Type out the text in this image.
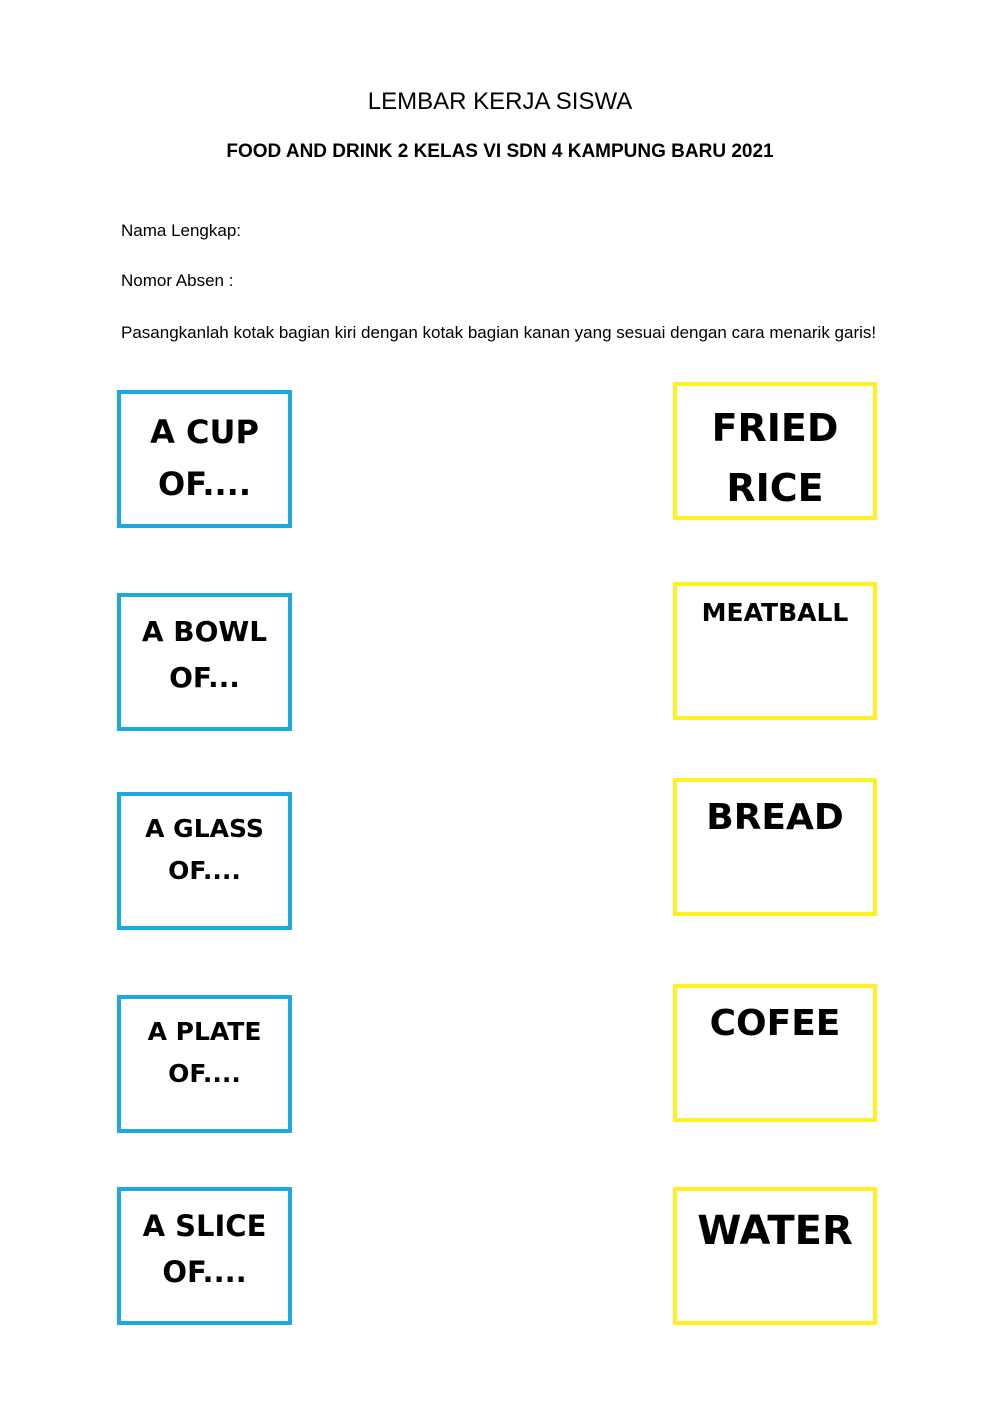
LEMBAR KERJA SISWA
FOOD AND DRINK 2 KELAS VI SDN 4 KAMPUNG BARU 2021
Nama Lengkap:
Nomor Absen :
Pasangkanlah kotak bagian kiri dengan kotak bagian kanan yang sesuai dengan cara menarik garis!
A CUP
OF....
A BOWL
OF...
A GLASS
OF....
A PLATE
OF....
A SLICE
OF....
FRIED
RICE
MEATBALL
BREAD
COFEE
WATER
